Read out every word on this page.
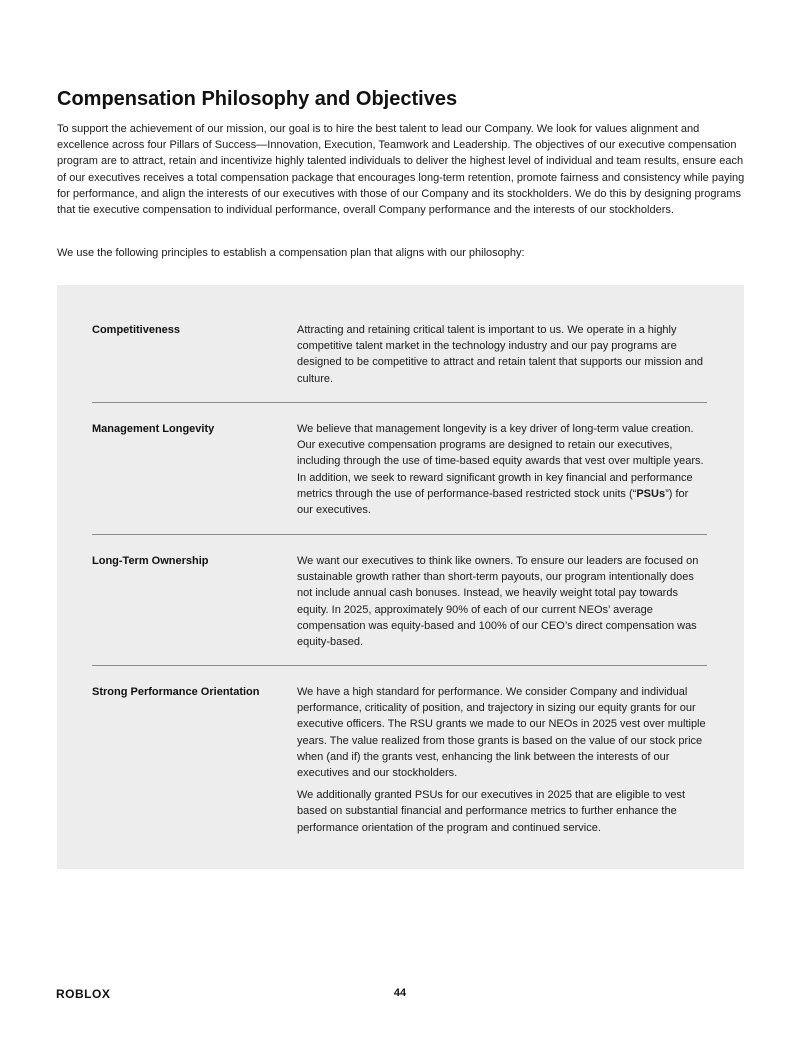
Compensation Philosophy and Objectives

To support the achievement of our mission, our goal is to hire the best talent to lead our Company. We look for values alignment and excellence across four Pillars of Success—Innovation, Execution, Teamwork and Leadership. The objectives of our executive compensation program are to attract, retain and incentivize highly talented individuals to deliver the highest level of individual and team results, ensure each of our executives receives a total compensation package that encourages long-term retention, promote fairness and consistency while paying for performance, and align the interests of our executives with those of our Company and its stockholders. We do this by designing programs that tie executive compensation to individual performance, overall Company performance and the interests of our stockholders.

We use the following principles to establish a compensation plan that aligns with our philosophy:

Competitiveness	Attracting and retaining critical talent is important to us. We operate in a highly competitive talent market in the technology industry and our pay programs are designed to be competitive to attract and retain talent that supports our mission and culture.

Management Longevity	We believe that management longevity is a key driver of long-term value creation. Our executive compensation programs are designed to retain our executives, including through the use of time-based equity awards that vest over multiple years. In addition, we seek to reward significant growth in key financial and performance metrics through the use of performance-based restricted stock units (“PSUs”) for our executives.

Long-Term Ownership	We want our executives to think like owners. To ensure our leaders are focused on sustainable growth rather than short-term payouts, our program intentionally does not include annual cash bonuses. Instead, we heavily weight total pay towards equity. In 2025, approximately 90% of each of our current NEOs’ average compensation was equity-based and 100% of our CEO’s direct compensation was equity-based.

Strong Performance Orientation	We have a high standard for performance. We consider Company and individual performance, criticality of position, and trajectory in sizing our equity grants for our executive officers. The RSU grants we made to our NEOs in 2025 vest over multiple years. The value realized from those grants is based on the value of our stock price when (and if) the grants vest, enhancing the link between the interests of our executives and our stockholders.

We additionally granted PSUs for our executives in 2025 that are eligible to vest based on substantial financial and performance metrics to further enhance the performance orientation of the program and continued service.

ROBLOX	44
